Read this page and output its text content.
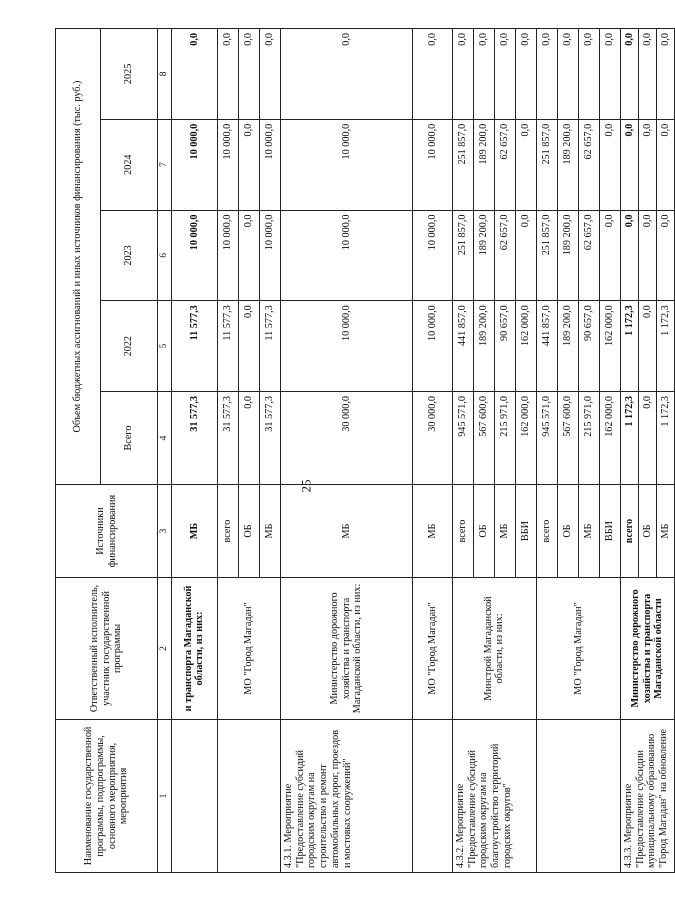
25
Наименование государственной программы, подпрограммы, основного мероприятия, мероприятия	Ответственный исполнитель, участник государственной программы	Источники финансирования	Объем бюджетных ассигнований и иных источников финансирования (тыс. руб.)				
			Всего	2022	2023	2024	2025
1	2	3	4	5	6	7	8
	и транспорта Магаданской области, из них:	МБ	31 577,3	11 577,3	10 000,0	10 000,0	0,0
	МО "Город Магадан"	всего	31 577,3	11 577,3	10 000,0	10 000,0	0,0
		ОБ	0,0	0,0	0,0	0,0	0,0
		МБ	31 577,3	11 577,3	10 000,0	10 000,0	0,0
4.3.1. Мероприятие "Предоставление субсидий городским округам на строительство и ремонт автомобильных дорог, проездов и мостовых сооружений"	Министерство дорожного хозяйства и транспорта Магаданской области, из них:	МБ	30 000,0	10 000,0	10 000,0	10 000,0	0,0
	МО "Город Магадан"	МБ	30 000,0	10 000,0	10 000,0	10 000,0	0,0
4.3.2. Мероприятие "Предоставление субсидий городским округам на благоустройство территорий городских округов"	Минстрой Магаданской области, из них:	всего	945 571,0	441 857,0	251 857,0	251 857,0	0,0
		ОБ	567 600,0	189 200,0	189 200,0	189 200,0	0,0
		МБ	215 971,0	90 657,0	62 657,0	62 657,0	0,0
		ВБИ	162 000,0	162 000,0	0,0	0,0	0,0
	МО "Город Магадан"	всего	945 571,0	441 857,0	251 857,0	251 857,0	0,0
		ОБ	567 600,0	189 200,0	189 200,0	189 200,0	0,0
		МБ	215 971,0	90 657,0	62 657,0	62 657,0	0,0
		ВБИ	162 000,0	162 000,0	0,0	0,0	0,0
4.3.3. Мероприятие "Предоставление субсидии муниципальному образованию "Город Магадан" на обновление	Министерство дорожного хозяйства и транспорта Магаданской области	всего	1 172,3	1 172,3	0,0	0,0	0,0
		ОБ	0,0	0,0	0,0	0,0	0,0
		МБ	1 172,3	1 172,3	0,0	0,0	0,0
